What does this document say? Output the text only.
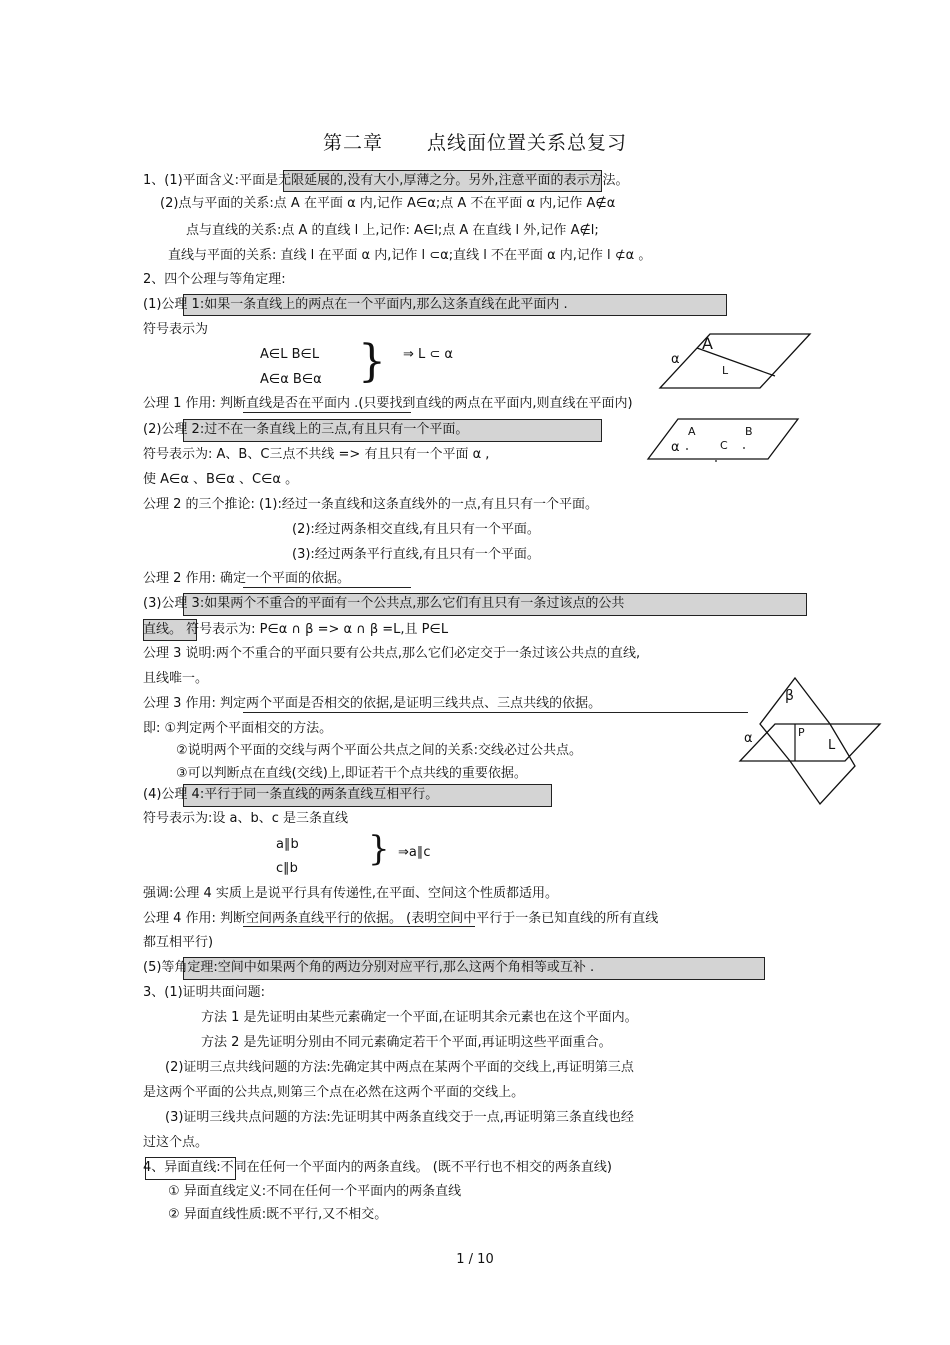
第二章 点线面位置关系总复习
1、(1)平面含义:平面是无限延展的,没有大小,厚薄之分。另外,注意平面的表示方法。
(2)点与平面的关系:点 A 在平面 α 内,记作 A∈α;点 A 不在平面 α 内,记作 A∉α
点与直线的关系:点 A 的直线 l 上,记作: A∈l;点 A 在直线 l 外,记作 A∉l;
直线与平面的关系: 直线 l 在平面 α 内,记作 l ⊂α;直线 l 不在平面 α 内,记作 l ⊄α 。
2、四个公理与等角定理:
(1)公理 1:如果一条直线上的两点在一个平面内,那么这条直线在此平面内 .
符号表示为
A∈L B∈L
A∈α B∈α } ⇒ L ⊂ α
公理 1 作用: 判断直线是否在平面内 .(只要找到直线的两点在平面内,则直线在平面内)
(2)公理 2:过不在一条直线上的三点,有且只有一个平面。
符号表示为: A、B、C三点不共线 => 有且只有一个平面 α ,
使 A∈α 、B∈α 、C∈α 。
公理 2 的三个推论: (1):经过一条直线和这条直线外的一点,有且只有一个平面。
(2):经过两条相交直线,有且只有一个平面。
(3):经过两条平行直线,有且只有一个平面。
公理 2 作用: 确定一个平面的依据。
(3)公理 3:如果两个不重合的平面有一个公共点,那么它们有且只有一条过该点的公共
直线。 符号表示为: P∈α ∩ β => α ∩ β =L,且 P∈L
公理 3 说明:两个不重合的平面只要有公共点,那么它们必定交于一条过该公共点的直线,
且线唯一。
公理 3 作用: 判定两个平面是否相交的依据,是证明三线共点、三点共线的依据。
即: ①判定两个平面相交的方法。
②说明两个平面的交线与两个平面公共点之间的关系:交线必过公共点。
③可以判断点在直线(交线)上,即证若干个点共线的重要依据。
(4)公理 4:平行于同一条直线的两条直线互相平行。
符号表示为:设 a、b、c 是三条直线
a∥b
c∥b } ⇒a∥c
强调:公理 4 实质上是说平行具有传递性,在平面、空间这个性质都适用。
公理 4 作用: 判断空间两条直线平行的依据。 (表明空间中平行于一条已知直线的所有直线
都互相平行)
(5)等角定理:空间中如果两个角的两边分别对应平行,那么这两个角相等或互补 .
3、(1)证明共面问题:
方法 1 是先证明由某些元素确定一个平面,在证明其余元素也在这个平面内。
方法 2 是先证明分别由不同元素确定若干个平面,再证明这些平面重合。
(2)证明三点共线问题的方法:先确定其中两点在某两个平面的交线上,再证明第三点
是这两个平面的公共点,则第三个点在必然在这两个平面的交线上。
(3)证明三线共点问题的方法:先证明其中两条直线交于一点,再证明第三条直线也经
过这个点。
4、异面直线:不同在任何一个平面内的两条直线。 (既不平行也不相交的两条直线)
① 异面直线定义:不同在任何一个平面内的两条直线
② 异面直线性质:既不平行,又不相交。
A
L
α
A	B
α	C
β
α	P
L
1 / 10
